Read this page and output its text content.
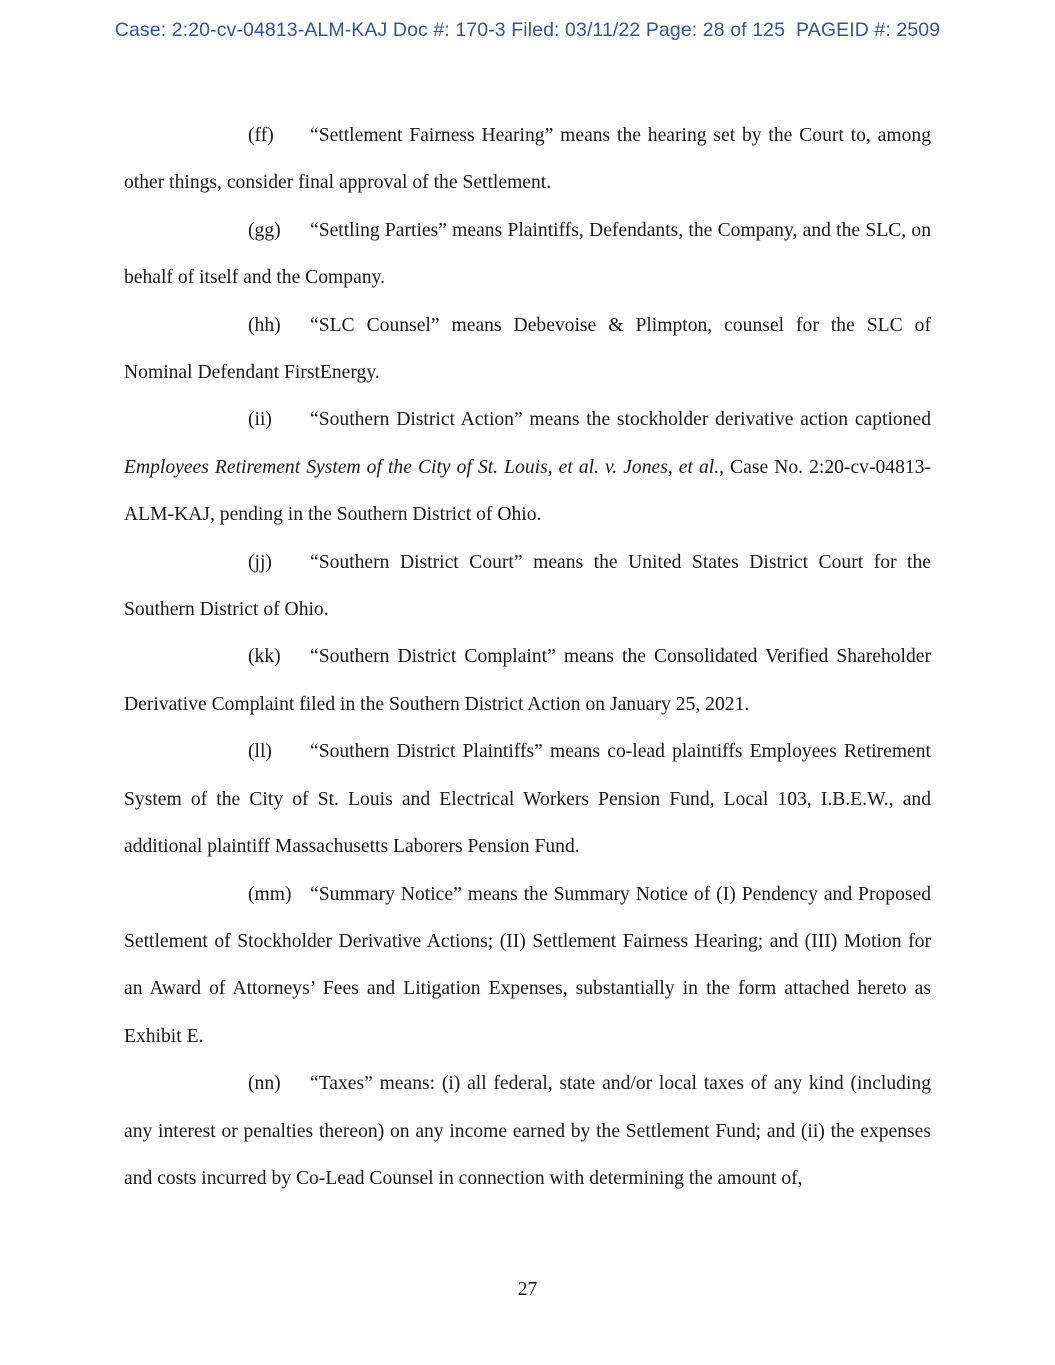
Case: 2:20-cv-04813-ALM-KAJ Doc #: 170-3 Filed: 03/11/22 Page: 28 of 125  PAGEID #: 2509

(ff) “Settlement Fairness Hearing” means the hearing set by the Court to, among other things, consider final approval of the Settlement.

(gg) “Settling Parties” means Plaintiffs, Defendants, the Company, and the SLC, on behalf of itself and the Company.

(hh) “SLC Counsel” means Debevoise & Plimpton, counsel for the SLC of Nominal Defendant FirstEnergy.

(ii) “Southern District Action” means the stockholder derivative action captioned Employees Retirement System of the City of St. Louis, et al. v. Jones, et al., Case No. 2:20-cv-04813-ALM-KAJ, pending in the Southern District of Ohio.

(jj) “Southern District Court” means the United States District Court for the Southern District of Ohio.

(kk) “Southern District Complaint” means the Consolidated Verified Shareholder Derivative Complaint filed in the Southern District Action on January 25, 2021.

(ll) “Southern District Plaintiffs” means co-lead plaintiffs Employees Retirement System of the City of St. Louis and Electrical Workers Pension Fund, Local 103, I.B.E.W., and additional plaintiff Massachusetts Laborers Pension Fund.

(mm) “Summary Notice” means the Summary Notice of (I) Pendency and Proposed Settlement of Stockholder Derivative Actions; (II) Settlement Fairness Hearing; and (III) Motion for an Award of Attorneys’ Fees and Litigation Expenses, substantially in the form attached hereto as Exhibit E.

(nn) “Taxes” means: (i) all federal, state and/or local taxes of any kind (including any interest or penalties thereon) on any income earned by the Settlement Fund; and (ii) the expenses and costs incurred by Co-Lead Counsel in connection with determining the amount of,

27
